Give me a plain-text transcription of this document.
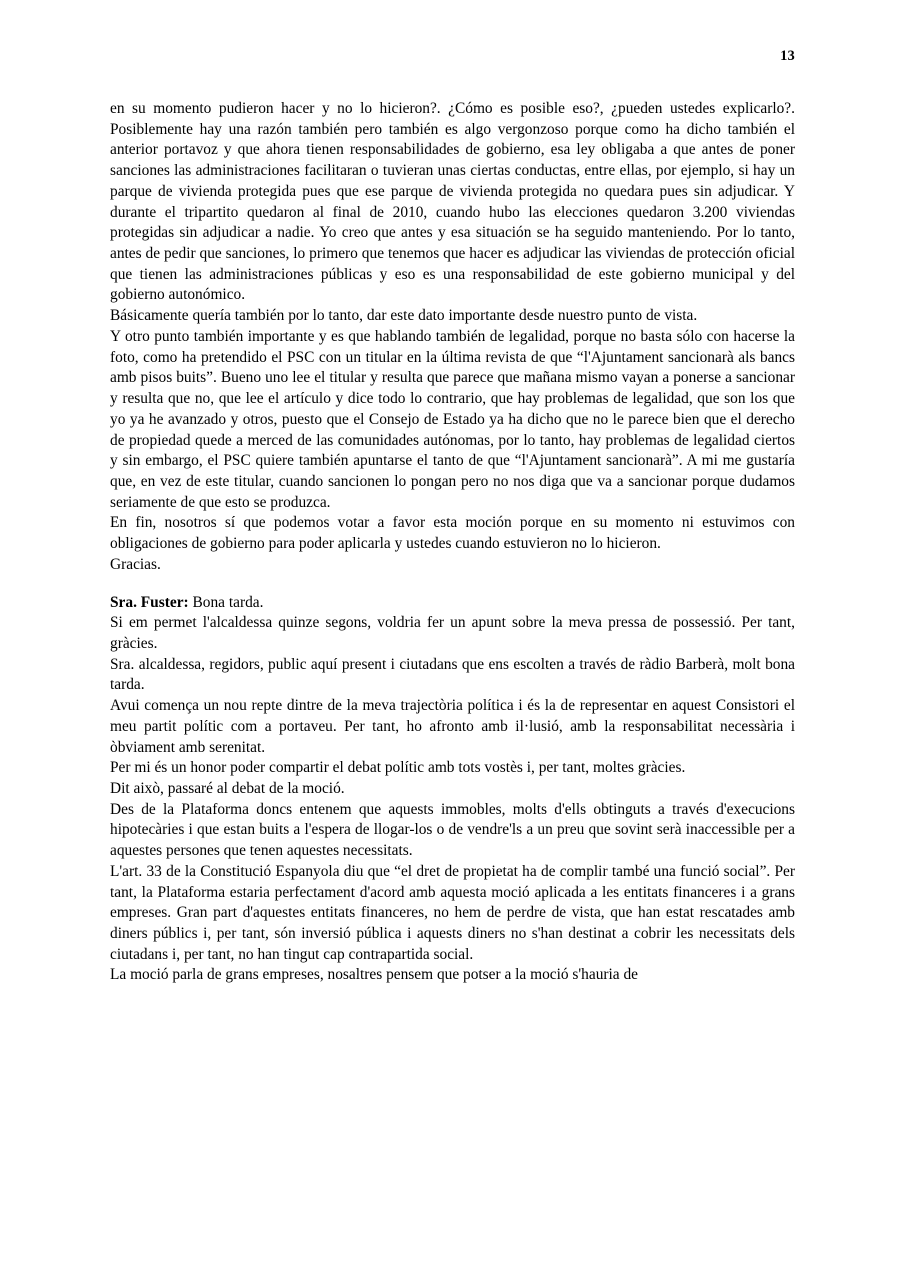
13

en su momento pudieron hacer y no lo hicieron?. ¿Cómo es posible eso?, ¿pueden ustedes explicarlo?. Posiblemente hay una razón también pero también es algo vergonzoso porque como ha dicho también el anterior portavoz y que ahora tienen responsabilidades de gobierno, esa ley obligaba a que antes de poner sanciones las administraciones facilitaran o tuvieran unas ciertas conductas, entre ellas, por ejemplo, si hay un parque de vivienda protegida pues que ese parque de vivienda protegida no quedara pues sin adjudicar. Y durante el tripartito quedaron al final de 2010, cuando hubo las elecciones quedaron 3.200 viviendas protegidas sin adjudicar a nadie. Yo creo que antes y esa situación se ha seguido manteniendo. Por lo tanto, antes de pedir que sanciones, lo primero que tenemos que hacer es adjudicar las viviendas de protección oficial que tienen las administraciones públicas y eso es una responsabilidad de este gobierno municipal y del gobierno autonómico.

Básicamente quería también por lo tanto, dar este dato importante desde nuestro punto de vista.

Y otro punto también importante y es que hablando también de legalidad, porque no basta sólo con hacerse la foto, como ha pretendido el PSC con un titular en la última revista de que “l'Ajuntament sancionarà als bancs amb pisos buits”. Bueno uno lee el titular y resulta que parece que mañana mismo vayan a ponerse a sancionar y resulta que no, que lee el artículo y dice todo lo contrario, que hay problemas de legalidad, que son los que yo ya he avanzado y otros, puesto que el Consejo de Estado ya ha dicho que no le parece bien que el derecho de propiedad quede a merced de las comunidades autónomas, por lo tanto, hay problemas de legalidad ciertos y sin embargo, el PSC quiere también apuntarse el tanto de que “l'Ajuntament sancionarà”. A mi me gustaría que, en vez de este titular, cuando sancionen lo pongan pero no nos diga que va a sancionar porque dudamos seriamente de que esto se produzca.

En fin, nosotros sí que podemos votar a favor esta moción porque en su momento ni estuvimos con obligaciones de gobierno para poder aplicarla y ustedes cuando estuvieron no lo hicieron.

Gracias.

Sra. Fuster: Bona tarda.

Si em permet l'alcaldessa quinze segons, voldria fer un apunt sobre la meva pressa de possessió. Per tant, gràcies.

Sra. alcaldessa, regidors, public aquí present i ciutadans que ens escolten a través de ràdio Barberà, molt bona tarda.

Avui comença un nou repte dintre de la meva trajectòria política i és la de representar en aquest Consistori el meu partit polític com a portaveu. Per tant, ho afronto amb il·lusió, amb la responsabilitat necessària i òbviament amb serenitat.

Per mi és un honor poder compartir el debat polític amb tots vostès i, per tant, moltes gràcies.

Dit això, passaré al debat de la moció.

Des de la Plataforma doncs entenem que aquests immobles, molts d'ells obtinguts a través d'execucions hipotecàries i que estan buits a l'espera de llogar-los o de vendre'ls a un preu que sovint serà inaccessible per a aquestes persones que tenen aquestes necessitats.

L'art. 33 de la Constitució Espanyola diu que “el dret de propietat ha de complir també una funció social”. Per tant, la Plataforma estaria perfectament d'acord amb aquesta moció aplicada a les entitats financeres i a grans empreses. Gran part d'aquestes entitats financeres, no hem de perdre de vista, que han estat rescatades amb diners públics i, per tant, són inversió pública i aquests diners no s'han destinat a cobrir les necessitats dels ciutadans i, per tant, no han tingut cap contrapartida social.

La moció parla de grans empreses, nosaltres pensem que potser a la moció s'hauria de
